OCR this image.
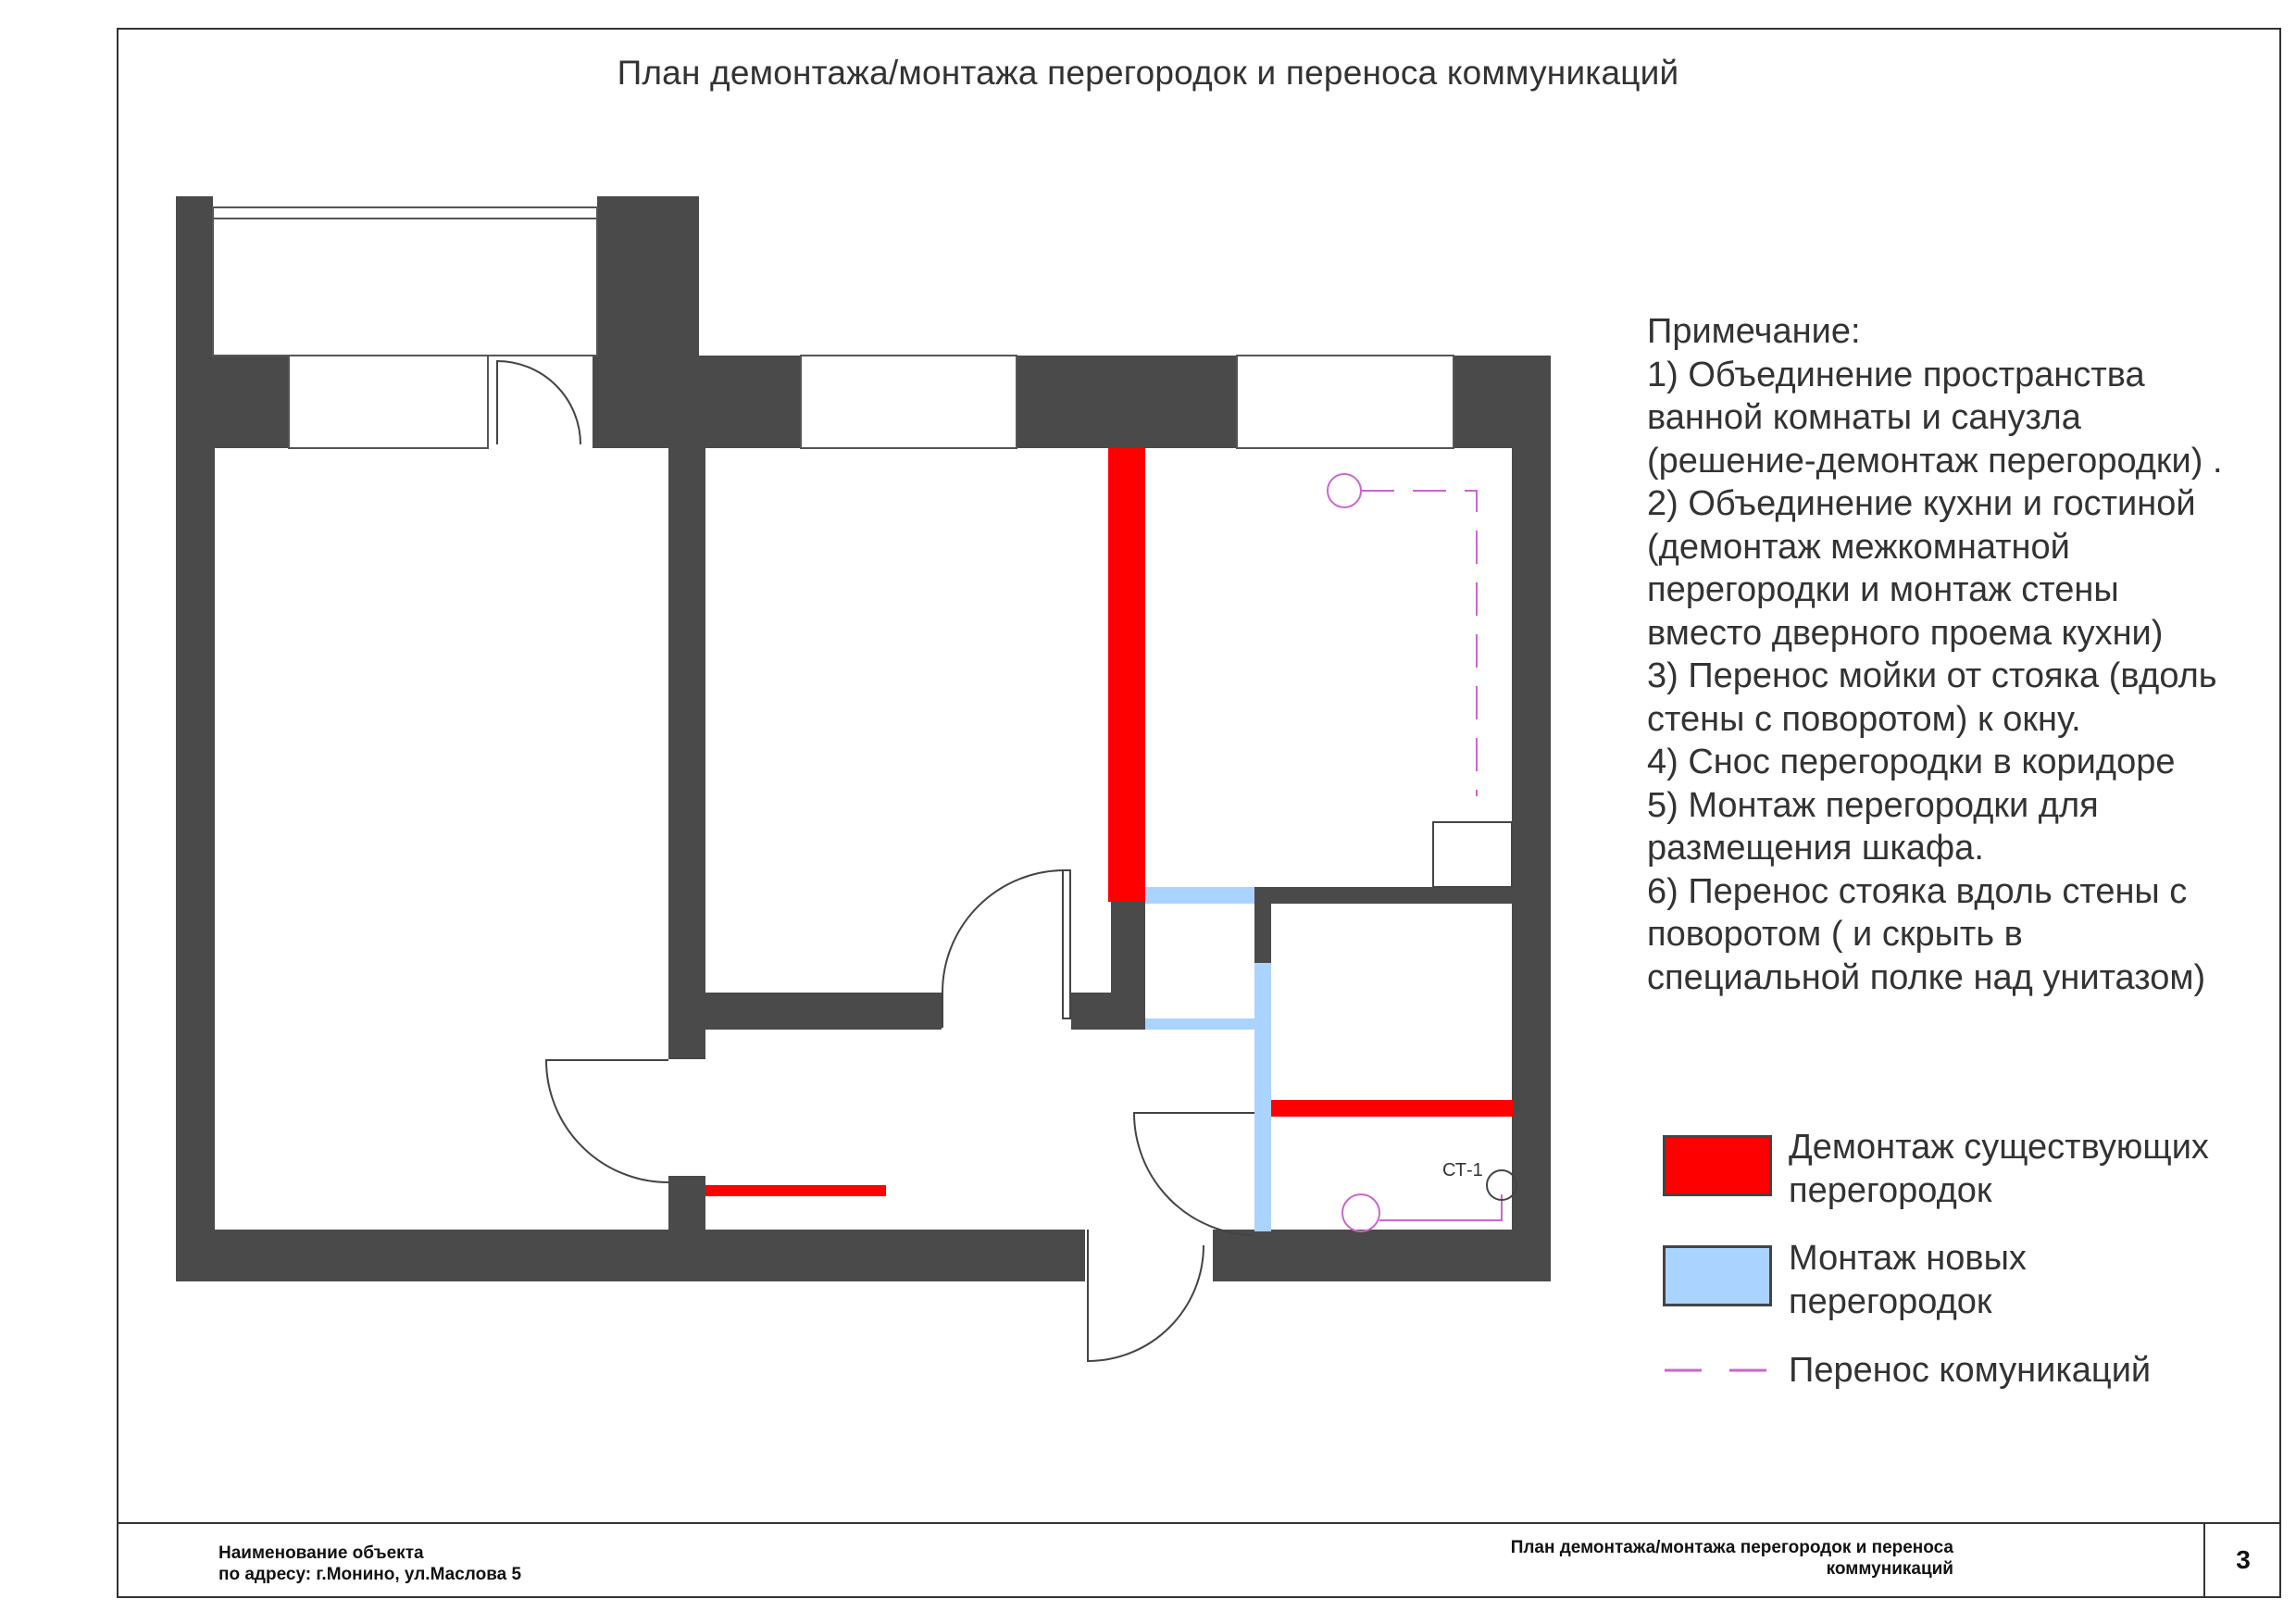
План демонтажа/монтажа перегородок и переноса коммуникаций
СТ-1
Примечание:
1) Объединение пространства
ванной комнаты и санузла
(решение-демонтаж перегородки) .
2) Объединение кухни и гостиной
(демонтаж межкомнатной
перегородки и монтаж стены
вместо дверного проема кухни)
3) Перенос мойки от стояка (вдоль
стены с поворотом) к окну.
4) Снос перегородки в коридоре
5) Монтаж перегородки для
размещения шкафа.
6) Перенос стояка вдоль стены с
поворотом ( и скрыть в
специальной полке над унитазом)
Демонтаж существующих
перегородок
Монтаж новых
перегородок
Перенос комуникаций
Наименование объекта
по адресу: г.Монино, ул.Маслова 5
План демонтажа/монтажа перегородок и переноса
коммуникаций	3
